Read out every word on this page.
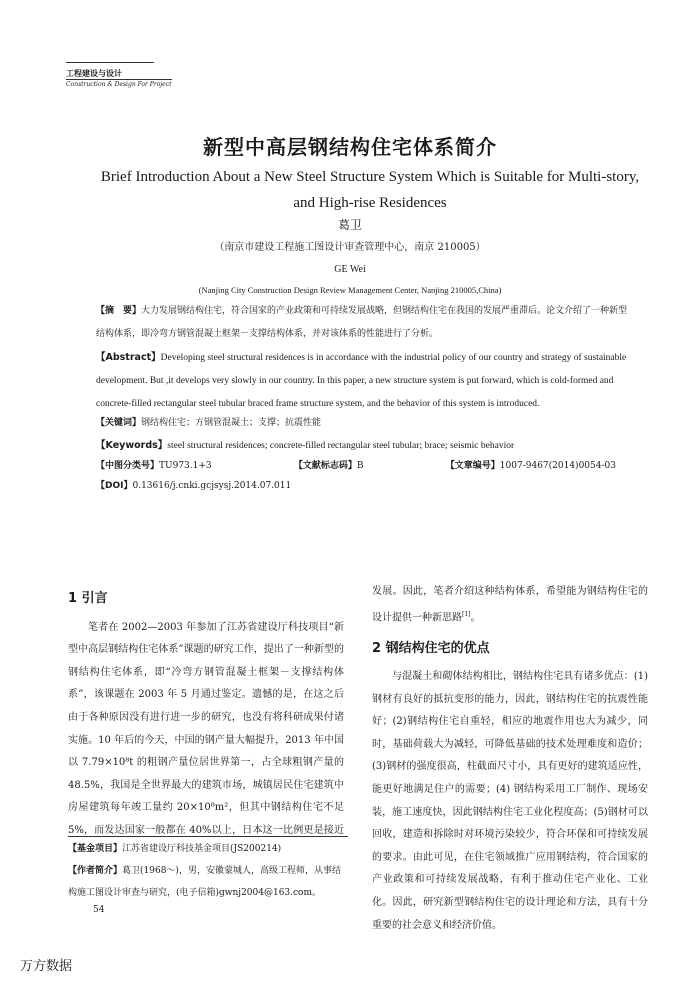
工程建设与设计
Construction & Design For Project
新型中高层钢结构住宅体系简介
Brief Introduction About a New Steel Structure System Which is Suitable for Multi-story, and High-rise Residences
葛卫
（南京市建设工程施工图设计审查管理中心，南京 210005）
GE Wei
(Nanjing City Construction Design Review Management Center, Nanjing 210005,China)
【摘　要】大力发展钢结构住宅，符合国家的产业政策和可持续发展战略，但钢结构住宅在我国的发展严重滞后。论文介绍了一种新型结构体系，即冷弯方钢管混凝土框架－支撑结构体系，并对该体系的性能进行了分析。
【Abstract】Developing steel structural residences is in accordance with the industrial policy of our country and strategy of sustainable development. But ,it develops very slowly in our country. In this paper, a new structure system is put forward, which is cold-formed and concrete-filled rectangular steel tubular braced frame structure system, and the behavior of this system is introduced.
【关键词】钢结构住宅；方钢管混凝土；支撑；抗震性能
【Keywords】steel structural residences; concrete-filled rectangular steel tubular; brace; seismic behavior
【中图分类号】TU973.1+3	【文献标志码】B	【文章编号】1007-9467(2014)0054-03
【DOI】0.13616/j.cnki.gcjsysj.2014.07.011
1 引言

笔者在 2002—2003 年参加了江苏省建设厅科技项目“新型中高层钢结构住宅体系”课题的研究工作，提出了一种新型的钢结构住宅体系，即“冷弯方钢管混凝土框架－支撑结构体系”，该课题在 2003 年 5 月通过鉴定。遗憾的是，在这之后由于各种原因没有进行进一步的研究，也没有将科研成果付诸实施。10 年后的今天，中国的钢产量大幅提升，2013 年中国以 7.79×10⁸t 的粗钢产量位居世界第一，占全球粗钢产量的 48.5%，我国是全世界最大的建筑市场，城镇居民住宅建筑中房屋建筑每年竣工量约 20×10⁸m²，但其中钢结构住宅不足 5%，而发达国家一般都在 40%以上，日本这一比例更是接近

发展。因此，笔者介绍这种结构体系，希望能为钢结构住宅的设计提供一种新思路[1]。

2 钢结构住宅的优点

与混凝土和砌体结构相比，钢结构住宅具有诸多优点：(1)钢材有良好的抵抗变形的能力，因此，钢结构住宅的抗震性能好；(2)钢结构住宅自重轻，相应的地震作用也大为减少，同时，基础荷载大为减轻，可降低基础的技术处理难度和造价；(3)钢材的强度很高，柱截面尺寸小，具有更好的建筑适应性，能更好地满足住户的需要；(4) 钢结构采用工厂制作、现场安装，施工速度快，因此钢结构住宅工业化程度高；(5)钢材可以回收，建造和拆除时对环境污染较少，符合环保和可持续发展的要求。由此可见，在住宅领域推广应用钢结构，符合国家的产业政策和可持续发展战略，有利于推动住宅产业化、工业化。因此，研究新型钢结构住宅的设计理论和方法，具有十分重要的社会意义和经济价值。

【基金项目】江苏省建设厅科技基金项目(JS200214)
【作者简介】葛卫(1968～)，男，安徽蒙城人，高级工程师，从事结构施工图设计审查与研究，(电子信箱)gwnj2004@163.com。
54
万方数据
